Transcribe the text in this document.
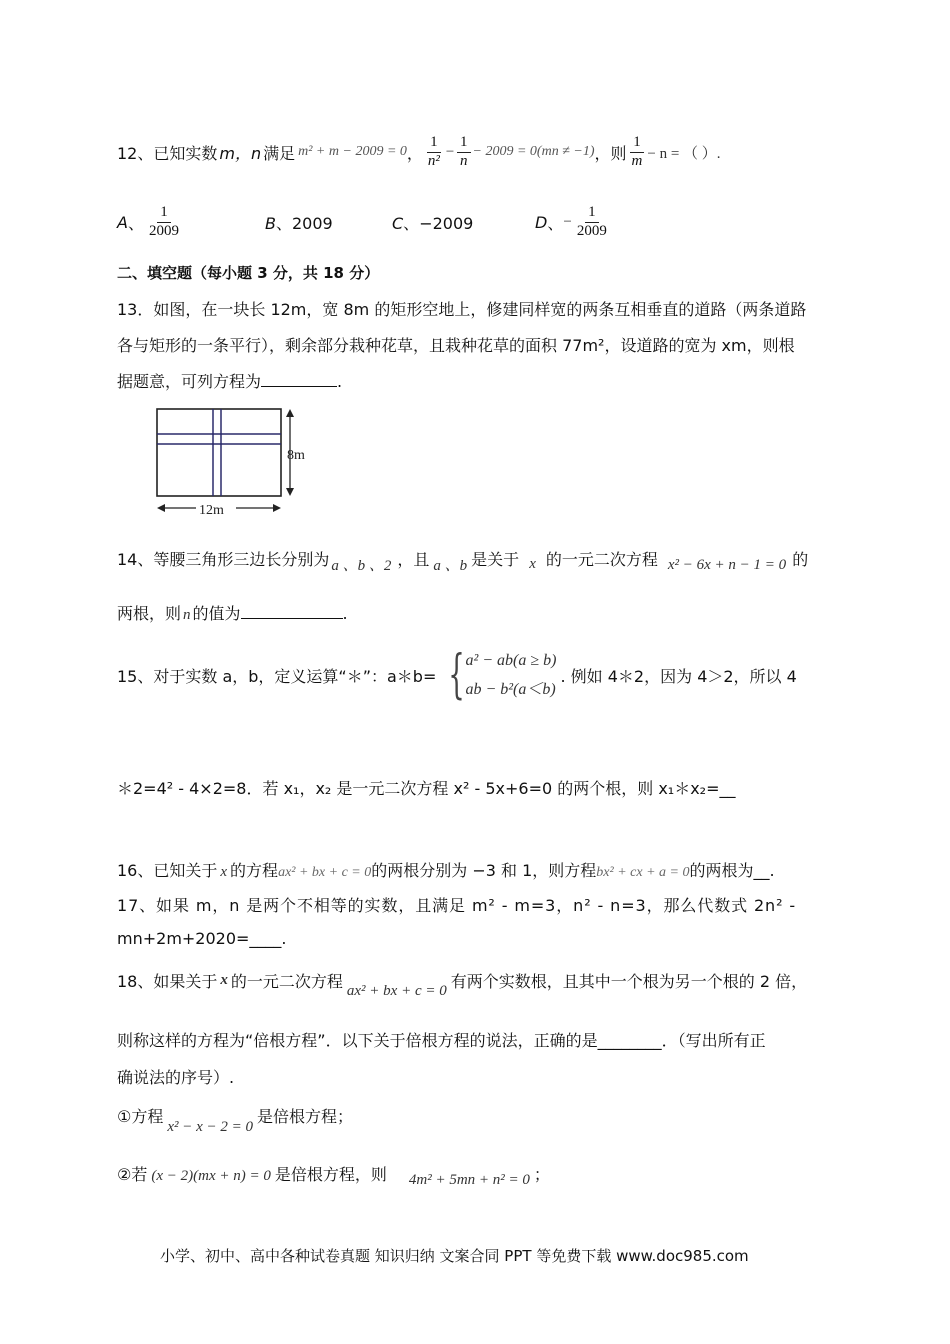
12、已知实数 m，n 满足 m² + m − 2009 = 0 ， $\frac{1}{\text{n²}} - \frac{1}{n} - 2009 = 0(mn \ne -1)$ ，则 $\frac{1}{m} - n$ = （ ）.
A 、 $\frac{1}{2009}$	B、2009	C、−2009	D 、 − $\frac{1}{2009}$
二、填空题（每小题 3 分，共 18 分）
13．如图，在一块长 12m，宽 8m 的矩形空地上，修建同样宽的两条互相垂直的道路（两条道路
各与矩形的一条平行），剩余部分栽种花草，且栽种花草的面积 77m²，设道路的宽为 xm，则根
据题意，可列方程为	.
8m
12m
14、等腰三角形三边长分别为 a 、b 、2 ，且 a 、b 是关于 x 的一元二次方程 x² − 6x + n − 1 = 0 的
两根，则 n 的值为	.
15、对于实数 a，b，定义运算“＊”：a＊b= { a² − ab(a ≥ b)
ab − b²(a＜b)
. 例如 4＊2，因为 4＞2，所以 4
＊2=4² - 4×2=8．若 x₁，x₂ 是一元二次方程 x² - 5x+6=0 的两个根，则 x₁＊x₂=__
16、已知关于 x 的方程ax² + bx + c = 0的两根分别为 −3 和 1，则方程bx² + cx + a = 0的两根为__.
17、如果 m，n 是两个不相等的实数，且满足 m² - m=3，n² - n=3，那么代数式 2n² -
mn+2m+2020=____.
18、如果关于 x 的一元二次方程 ax² + bx + c = 0 有两个实数根，且其中一个根为另一个根的 2 倍，
则称这样的方程为“倍根方程”．以下关于倍根方程的说法，正确的是________．（写出所有正
确说法的序号）.
①方程
x² − x − 2 = 0
是倍根方程；
②若 (x − 2)(mx + n) = 0 是倍根方程，则 4m² + 5mn + n² = 0 ；
小学、初中、高中各种试卷真题 知识归纳 文案合同 PPT 等免费下载 www.doc985.com
